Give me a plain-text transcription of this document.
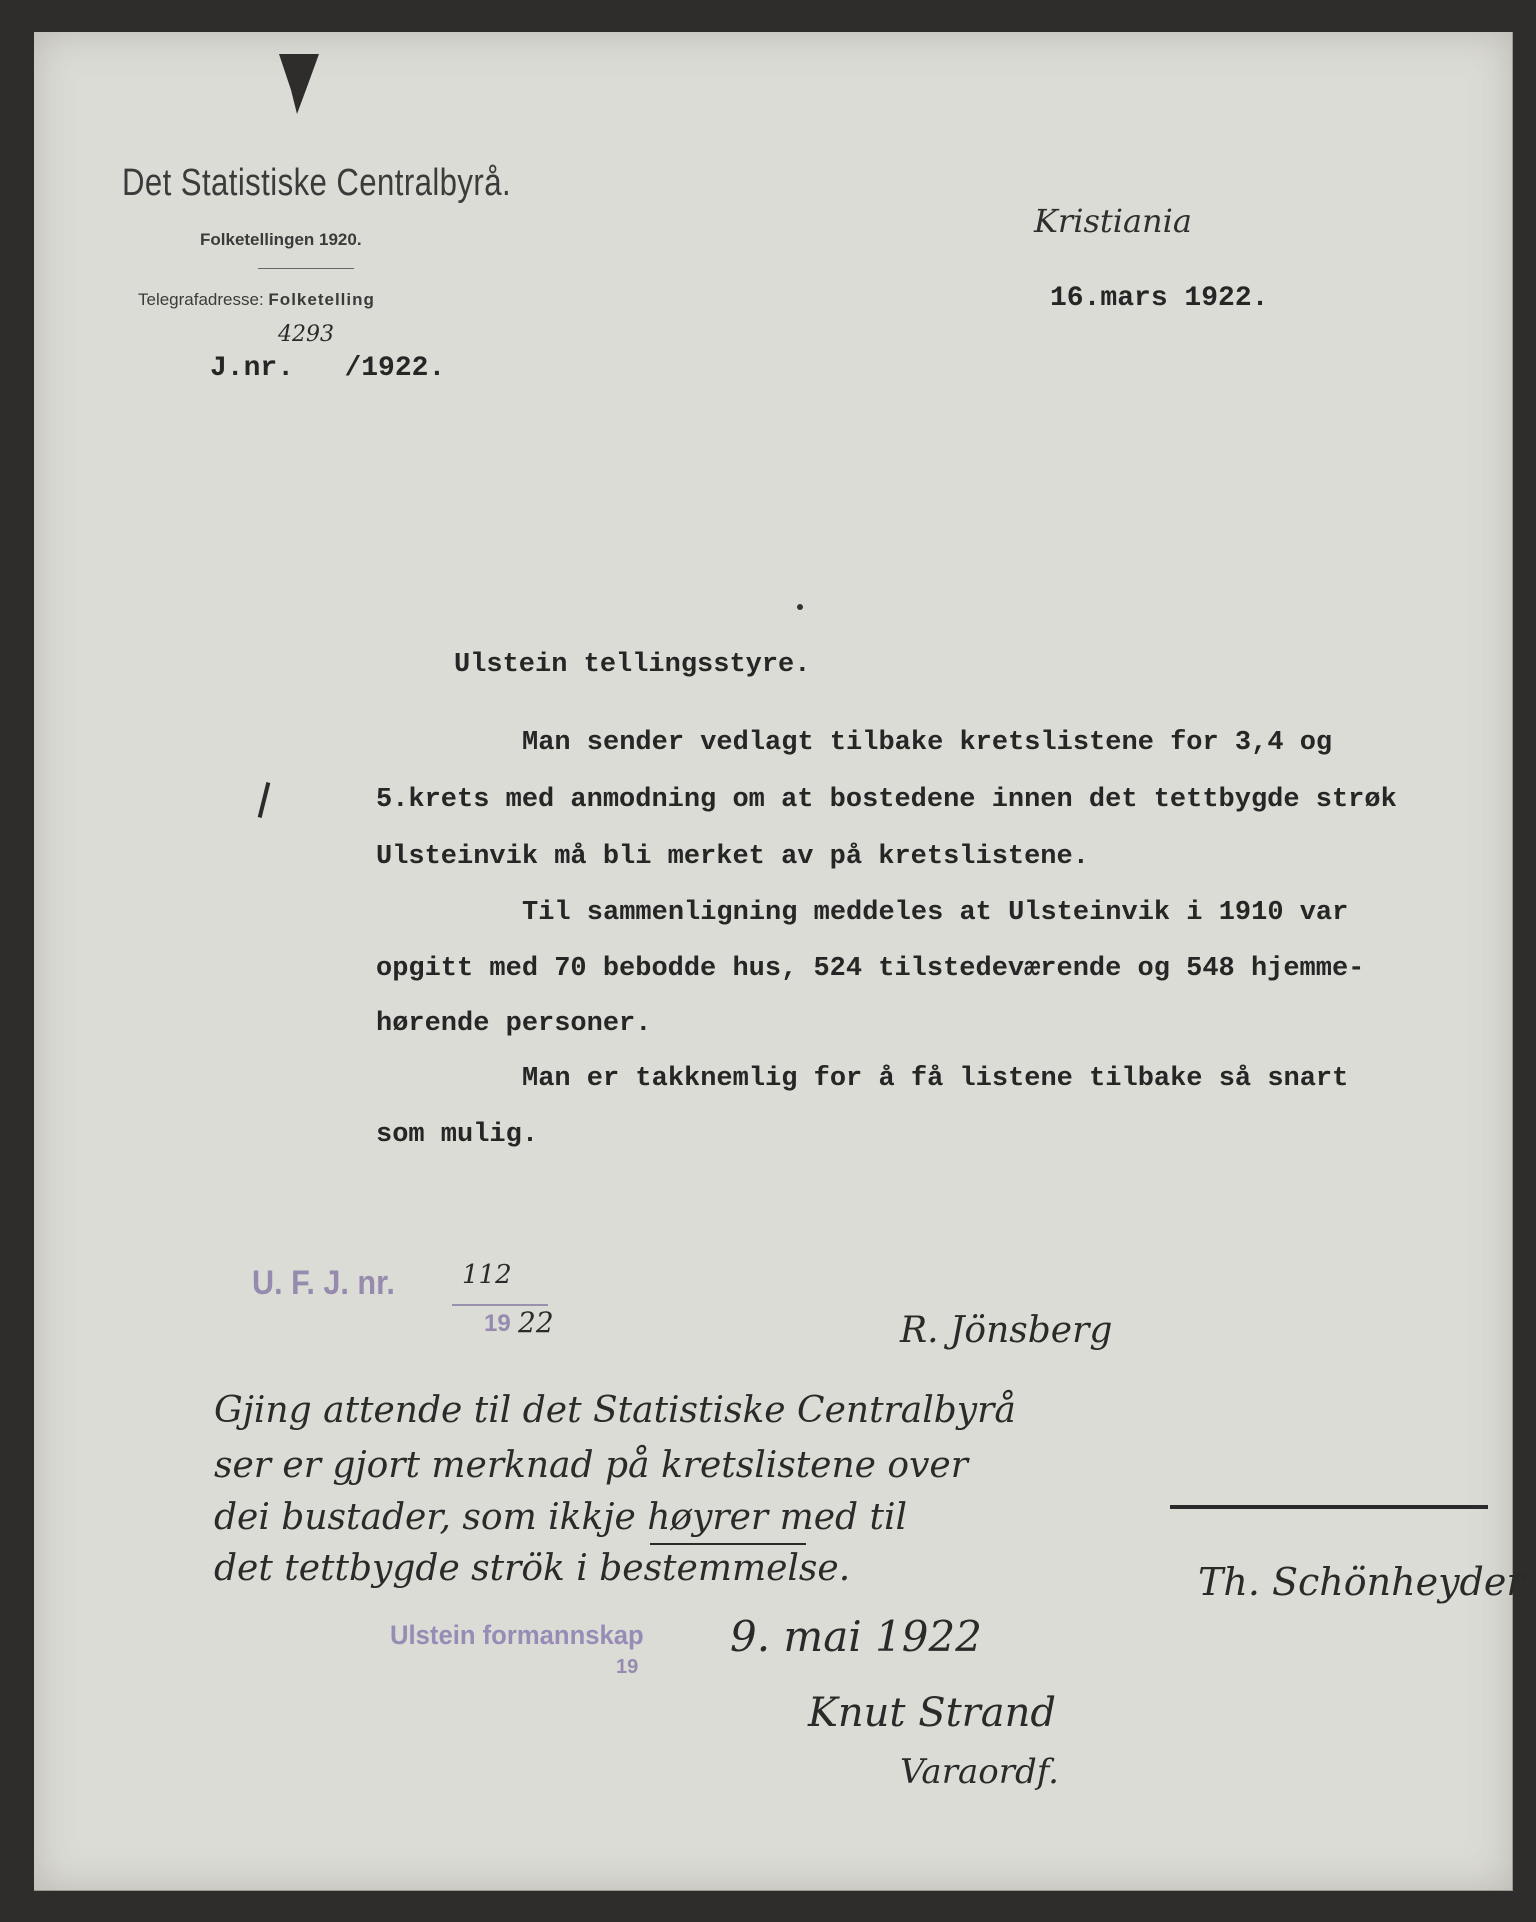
Det Statistiske Centralbyrå.
Folketellingen 1920.
Telegrafadresse: Folketelling
Kristiania
16.mars 1922.
4293
J.nr. /1922.
Ulstein tellingsstyre.
Man sender vedlagt tilbake kretslistene for 3,4 og
5.krets med anmodning om at bostedene innen det tettbygde strøk
Ulsteinvik må bli merket av på kretslistene.
Til sammenligning meddeles at Ulsteinvik i 1910 var
opgitt med 70 bebodde hus, 524 tilstedeværende og 548 hjemme-
hørende personer.
Man er takknemlig for å få listene tilbake så snart
som mulig.
U. F. J. nr.
19
112
22	R. Jönsberg
Gjing attende til det Statistiske Centralbyrå
ser er gjort merknad på kretslistene over
dei bustader, som ikkje høyrer med til
det tettbygde strök i bestemmelse.	Th. Schönheyder
Ulstein formannskap
19
9. mai 1922
Knut Strand
Varaordf.
